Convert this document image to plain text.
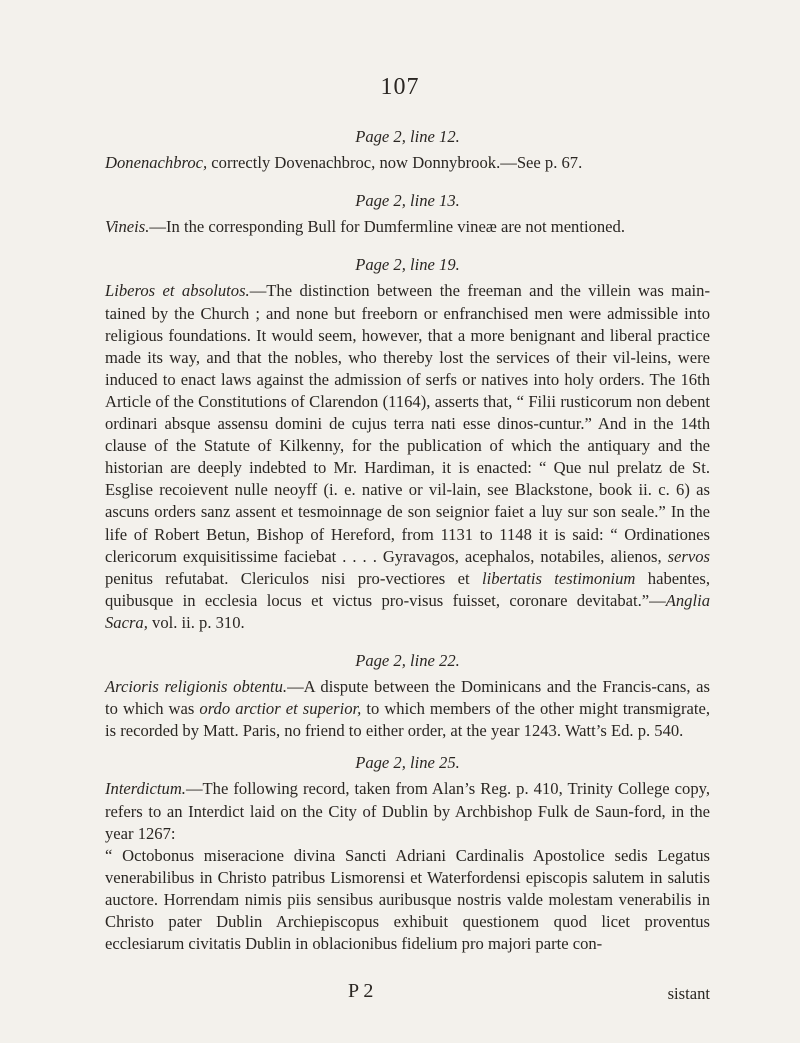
107
Page 2, line 12.

Donenachbroc, correctly Dovenachbroc, now Donnybrook.—See p. 67.

Page 2, line 13.

Vineis.—In the corresponding Bull for Dumfermline vineæ are not mentioned.

Page 2, line 19.

Liberos et absolutos.—The distinction between the freeman and the villein was main-tained by the Church ; and none but freeborn or enfranchised men were admissible into religious foundations. It would seem, however, that a more benignant and liberal practice made its way, and that the nobles, who thereby lost the services of their vil-leins, were induced to enact laws against the admission of serfs or natives into holy orders. The 16th Article of the Constitutions of Clarendon (1164), asserts that, “ Filii rusticorum non debent ordinari absque assensu domini de cujus terra nati esse dinos-cuntur.” And in the 14th clause of the Statute of Kilkenny, for the publication of which the antiquary and the historian are deeply indebted to Mr. Hardiman, it is enacted: “ Que nul prelatz de St. Esglise recoievent nulle neoyff (i. e. native or vil-lain, see Blackstone, book ii. c. 6) as ascuns orders sanz assent et tesmoinnage de son seignior faiet a luy sur son seale.” In the life of Robert Betun, Bishop of Hereford, from 1131 to 1148 it is said: “ Ordinationes clericorum exquisitissime faciebat . . . . Gyravagos, acephalos, notabiles, alienos, servos penitus refutabat. Clericulos nisi pro-vectiores et libertatis testimonium habentes, quibusque in ecclesia locus et victus pro-visus fuisset, coronare devitabat.”—Anglia Sacra, vol. ii. p. 310.

Page 2, line 22.

Arcioris religionis obtentu.—A dispute between the Dominicans and the Francis-cans, as to which was ordo arctior et superior, to which members of the other might transmigrate, is recorded by Matt. Paris, no friend to either order, at the year 1243. Watt’s Ed. p. 540.

Page 2, line 25.

Interdictum.—The following record, taken from Alan’s Reg. p. 410, Trinity College copy, refers to an Interdict laid on the City of Dublin by Archbishop Fulk de Saun-ford, in the year 1267:

“ Octobonus miseracione divina Sancti Adriani Cardinalis Apostolice sedis Legatus venerabilibus in Christo patribus Lismorensi et Waterfordensi episcopis salutem in salutis auctore. Horrendam nimis piis sensibus auribusque nostris valde molestam venerabilis in Christo pater Dublin Archiepiscopus exhibuit questionem quod licet proventus ecclesiarum civitatis Dublin in oblacionibus fidelium pro majori parte con-

P 2	sistant
